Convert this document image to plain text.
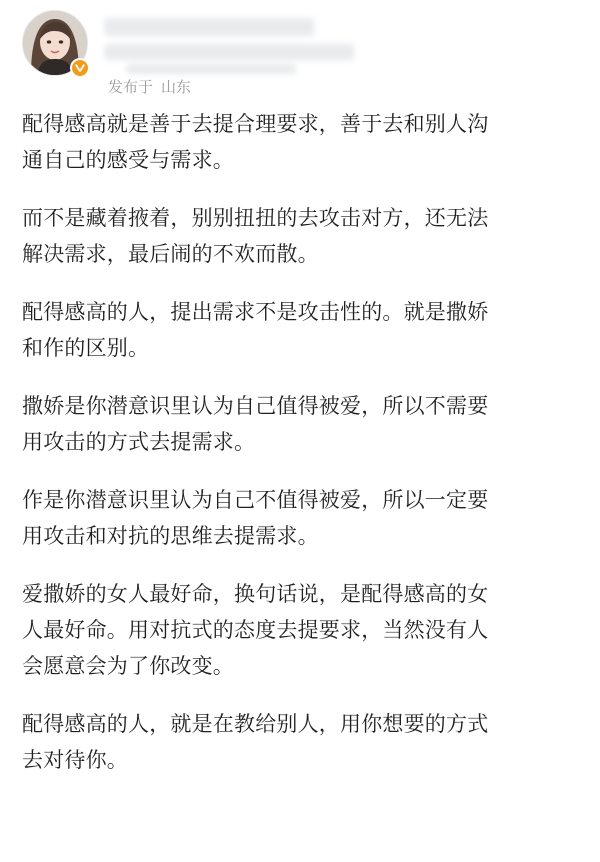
发布于 山东

配得感高就是善于去提合理要求，善于去和别人沟
通自己的感受与需求。

而不是藏着掖着，别别扭扭的去攻击对方，还无法
解决需求，最后闹的不欢而散。

配得感高的人，提出需求不是攻击性的。就是撒娇
和作的区别。

撒娇是你潜意识里认为自己值得被爱，所以不需要
用攻击的方式去提需求。

作是你潜意识里认为自己不值得被爱，所以一定要
用攻击和对抗的思维去提需求。

爱撒娇的女人最好命，换句话说，是配得感高的女
人最好命。用对抗式的态度去提要求，当然没有人
会愿意会为了你改变。

配得感高的人，就是在教给别人，用你想要的方式
去对待你。
